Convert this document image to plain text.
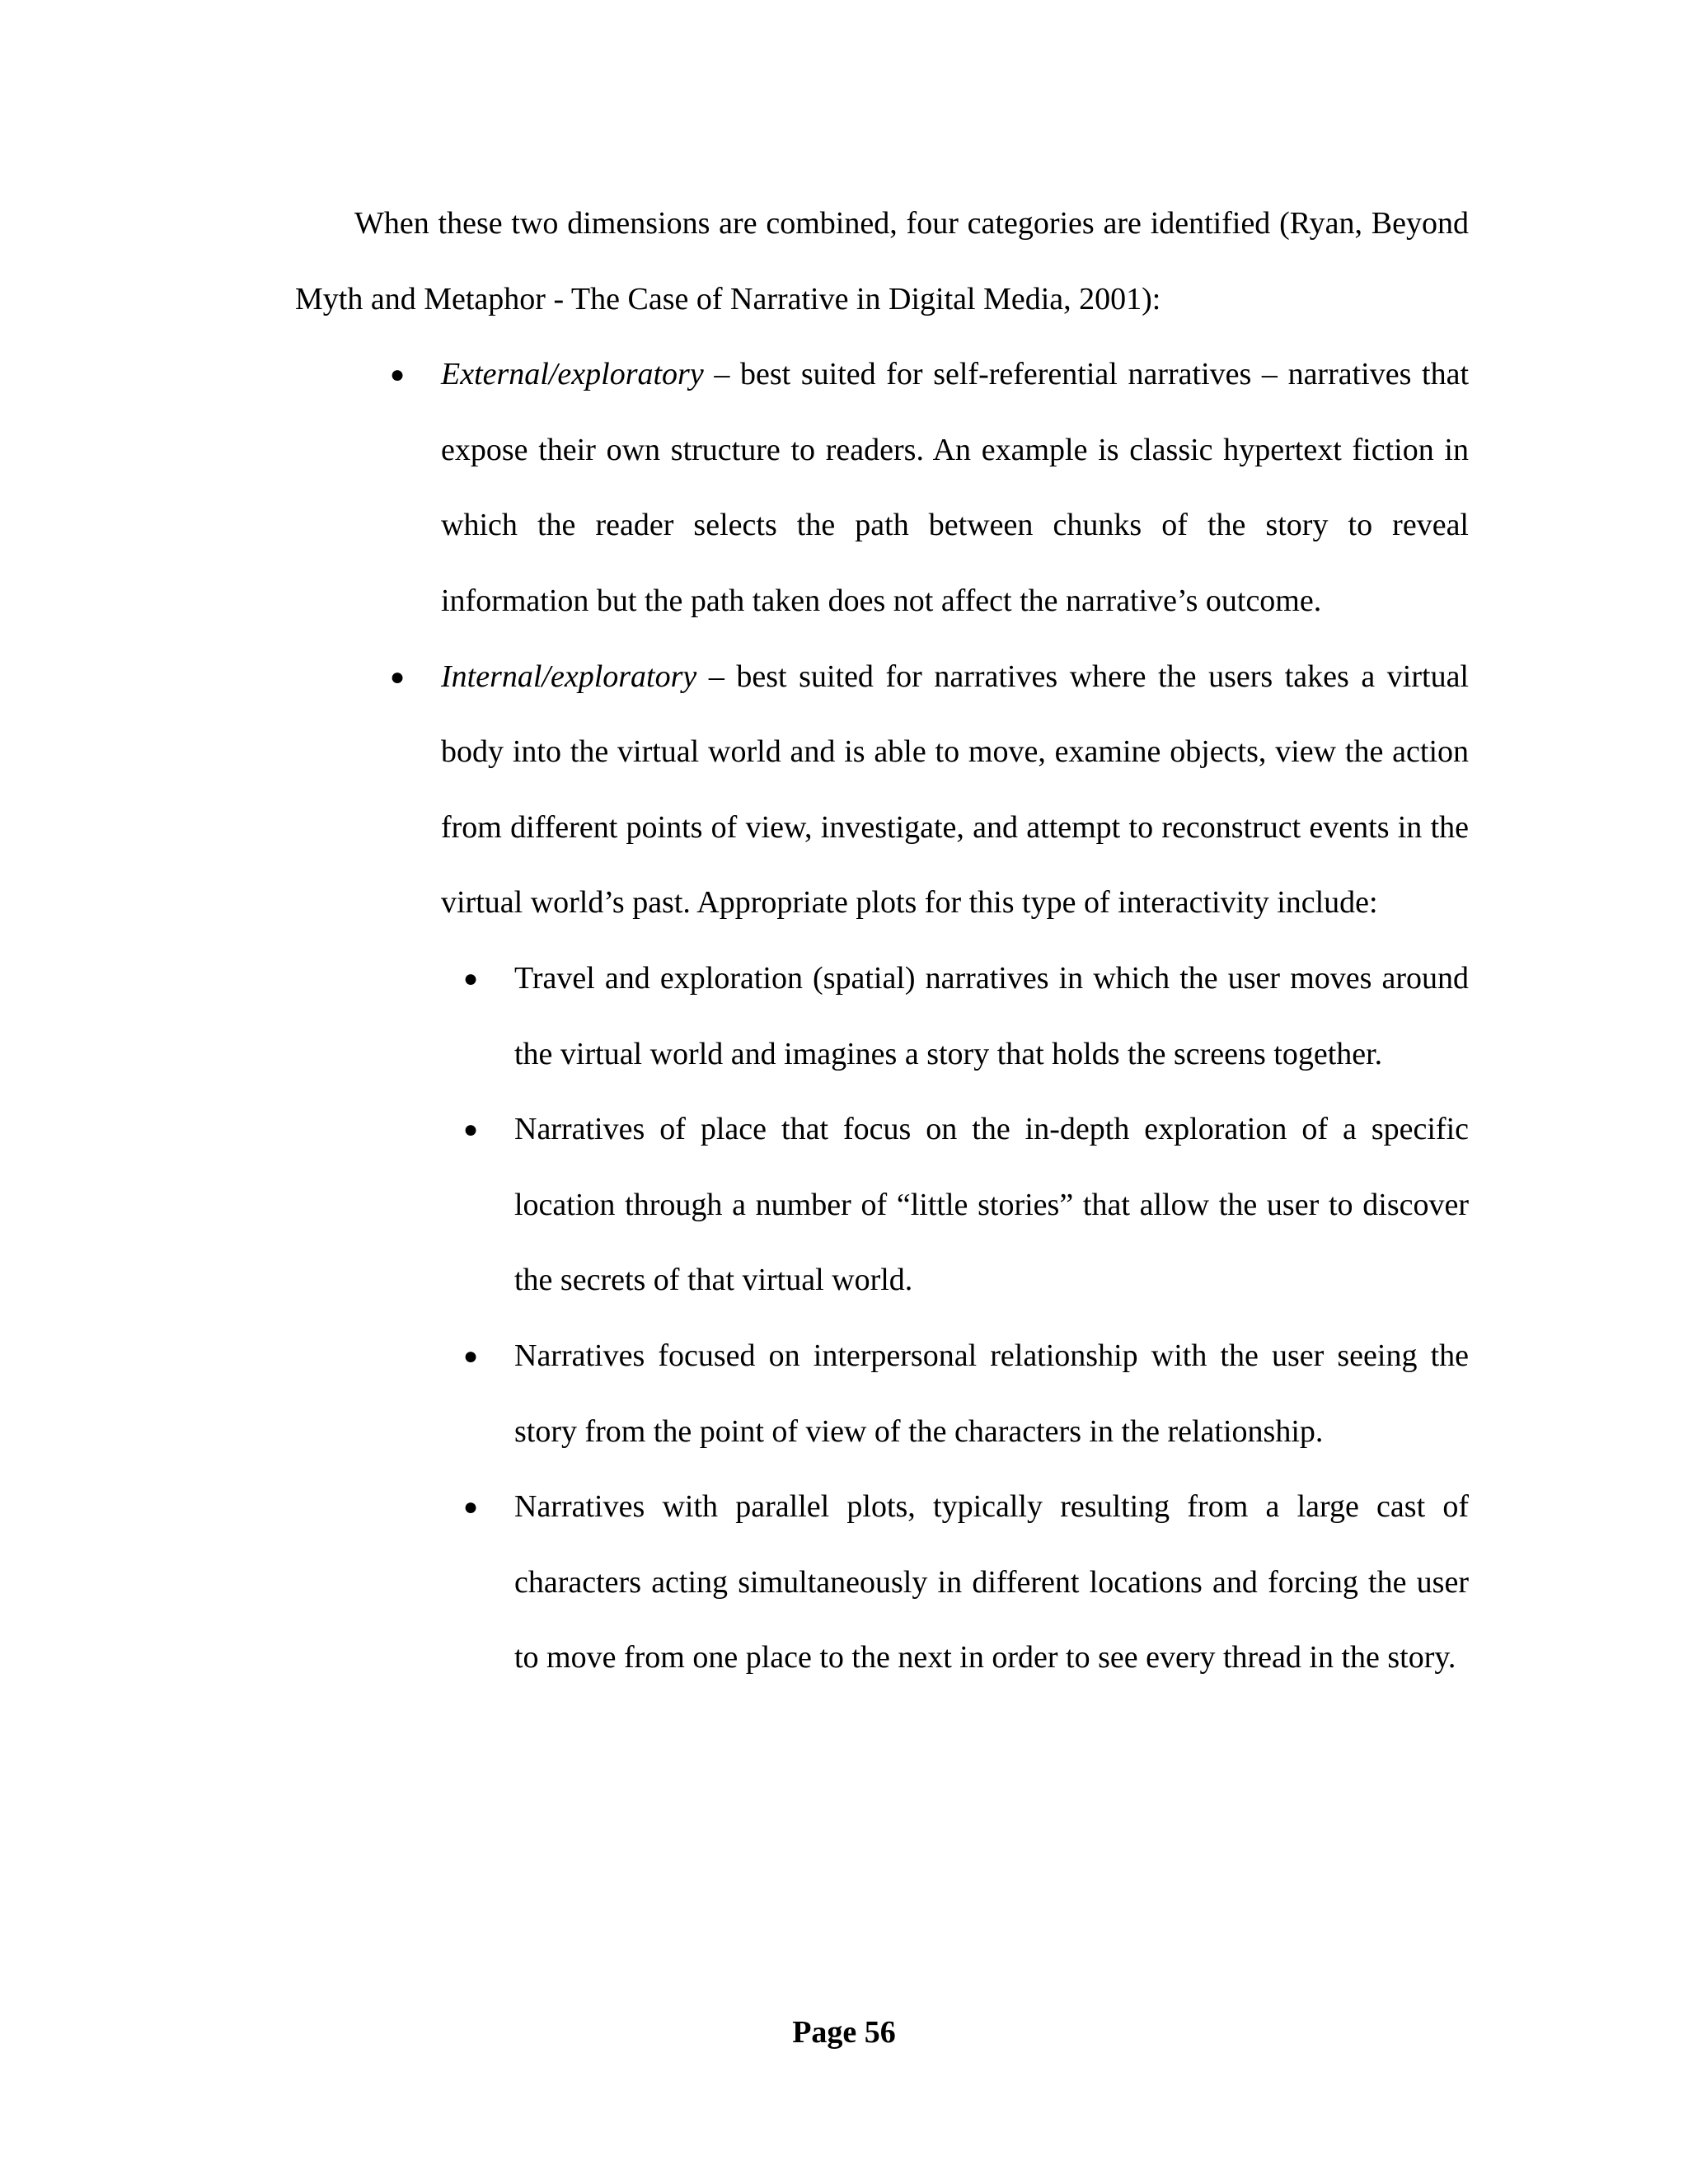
When these two dimensions are combined, four categories are identified (Ryan, Beyond Myth and Metaphor - The Case of Narrative in Digital Media, 2001):

● External/exploratory – best suited for self-referential narratives – narratives that expose their own structure to readers. An example is classic hypertext fiction in which the reader selects the path between chunks of the story to reveal information but the path taken does not affect the narrative’s outcome.
● Internal/exploratory – best suited for narratives where the users takes a virtual body into the virtual world and is able to move, examine objects, view the action from different points of view, investigate, and attempt to reconstruct events in the virtual world’s past. Appropriate plots for this type of interactivity include:
● Travel and exploration (spatial) narratives in which the user moves around the virtual world and imagines a story that holds the screens together.
● Narratives of place that focus on the in-depth exploration of a specific location through a number of “little stories” that allow the user to discover the secrets of that virtual world.
● Narratives focused on interpersonal relationship with the user seeing the story from the point of view of the characters in the relationship.
● Narratives with parallel plots, typically resulting from a large cast of characters acting simultaneously in different locations and forcing the user to move from one place to the next in order to see every thread in the story.
Page 56
